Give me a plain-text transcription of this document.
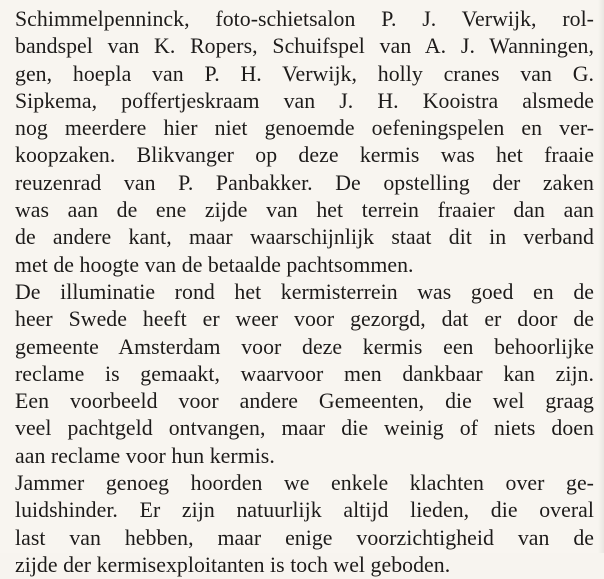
Schimmelpenninck, foto-schietsalon P. J. Verwijk, rol-
bandspel van K. Ropers, Schuifspel van A. J. Wanningen,
gen, hoepla van P. H. Verwijk, holly cranes van G.
Sipkema, poffertjeskraam van J. H. Kooistra alsmede
nog meerdere hier niet genoemde oefeningspelen en ver-
koopzaken. Blikvanger op deze kermis was het fraaie
reuzenrad van P. Panbakker. De opstelling der zaken
was aan de ene zijde van het terrein fraaier dan aan
de andere kant, maar waarschijnlijk staat dit in verband
met de hoogte van de betaalde pachtsommen.
De illuminatie rond het kermisterrein was goed en de
heer Swede heeft er weer voor gezorgd, dat er door de
gemeente Amsterdam voor deze kermis een behoorlijke
reclame is gemaakt, waarvoor men dankbaar kan zijn.
Een voorbeeld voor andere Gemeenten, die wel graag
veel pachtgeld ontvangen, maar die weinig of niets doen
aan reclame voor hun kermis.
Jammer genoeg hoorden we enkele klachten over ge-
luidshinder. Er zijn natuurlijk altijd lieden, die overal
last van hebben, maar enige voorzichtigheid van de
zijde der kermisexploitanten is toch wel geboden.
